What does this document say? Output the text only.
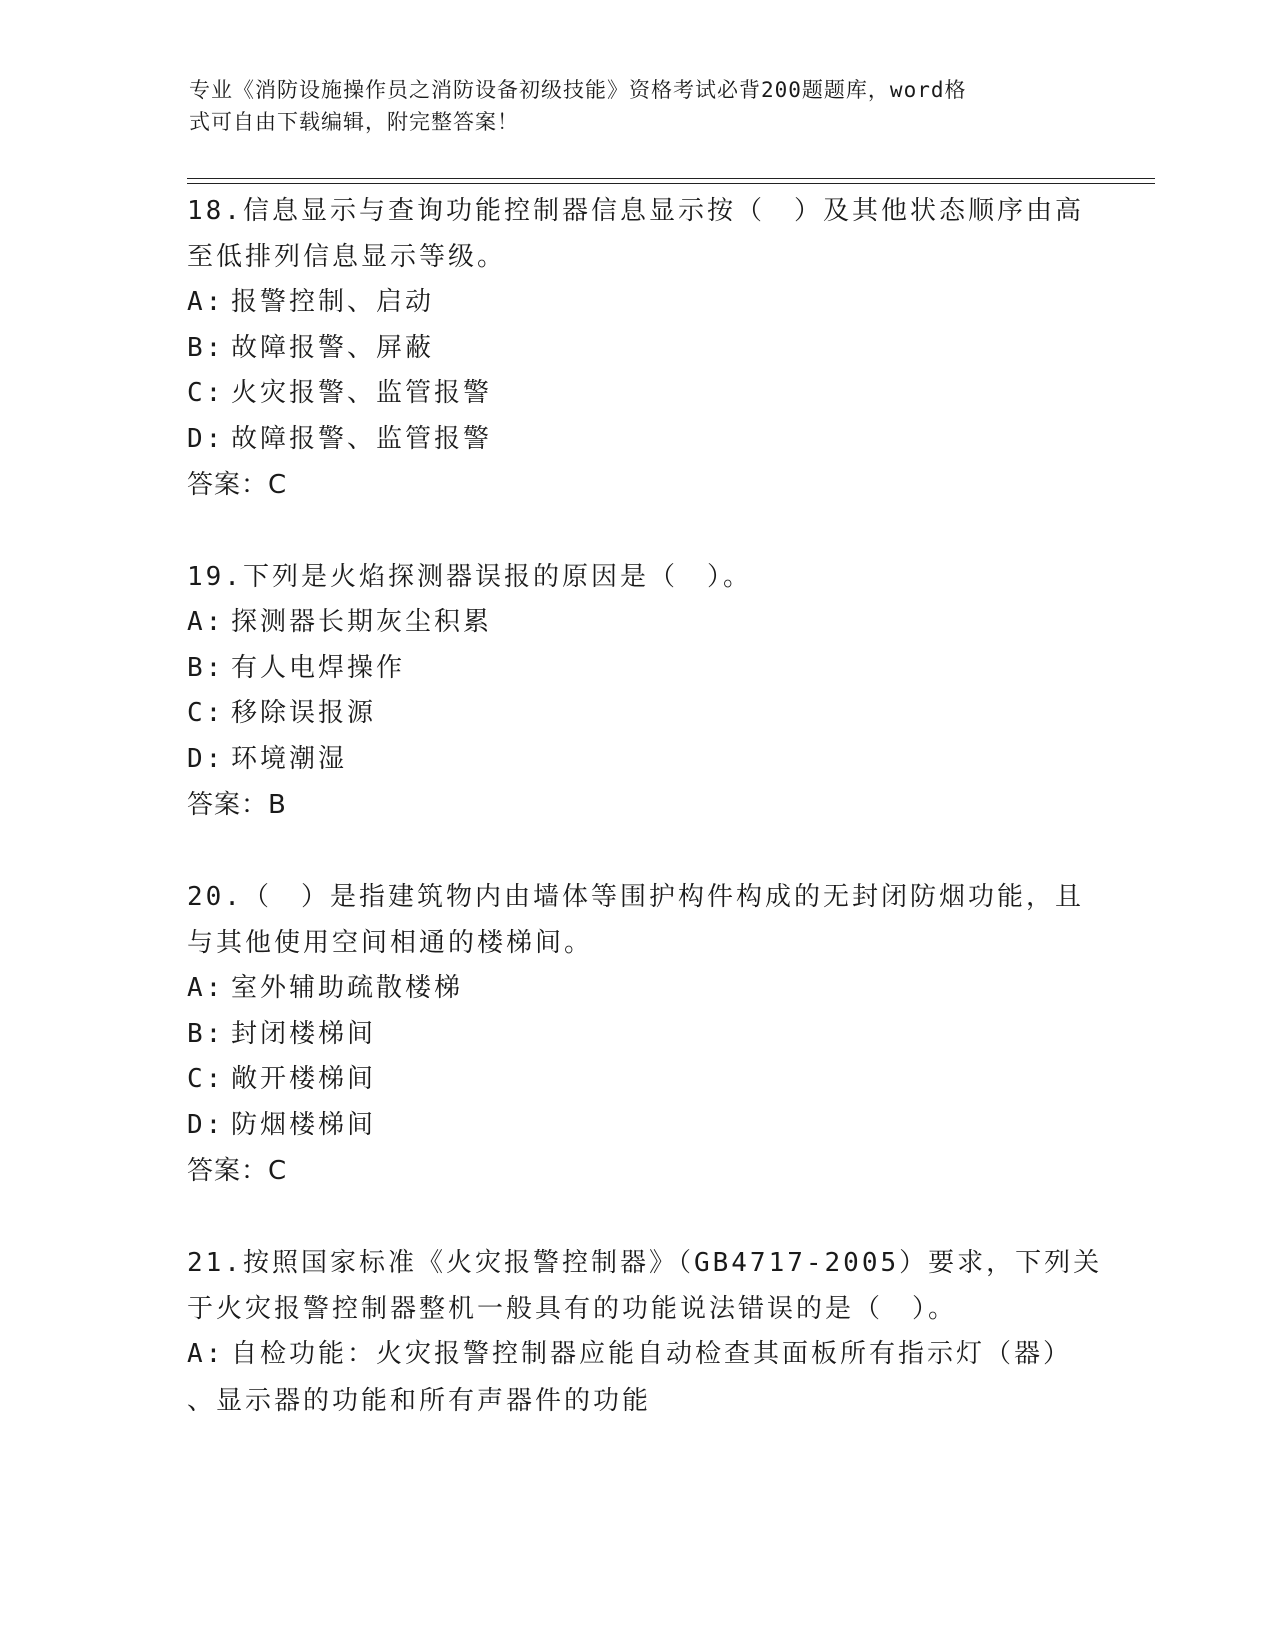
专业《消防设施操作员之消防设备初级技能》资格考试必背200题题库，word格
式可自由下载编辑，附完整答案！
18.信息显示与查询功能控制器信息显示按（　）及其他状态顺序由高
至低排列信息显示等级。
A: 报警控制、启动
B: 故障报警、屏蔽
C: 火灾报警、监管报警
D: 故障报警、监管报警
答案：C
19.下列是火焰探测器误报的原因是（　）。
A: 探测器长期灰尘积累
B: 有人电焊操作
C: 移除误报源
D: 环境潮湿
答案：B
20.（　）是指建筑物内由墙体等围护构件构成的无封闭防烟功能，且
与其他使用空间相通的楼梯间。
A: 室外辅助疏散楼梯
B: 封闭楼梯间
C: 敞开楼梯间
D: 防烟楼梯间
答案：C
21.按照国家标准《火灾报警控制器》（GB4717-2005）要求，下列关
于火灾报警控制器整机一般具有的功能说法错误的是（　）。
A: 自检功能：火灾报警控制器应能自动检查其面板所有指示灯（器）
、显示器的功能和所有声器件的功能
